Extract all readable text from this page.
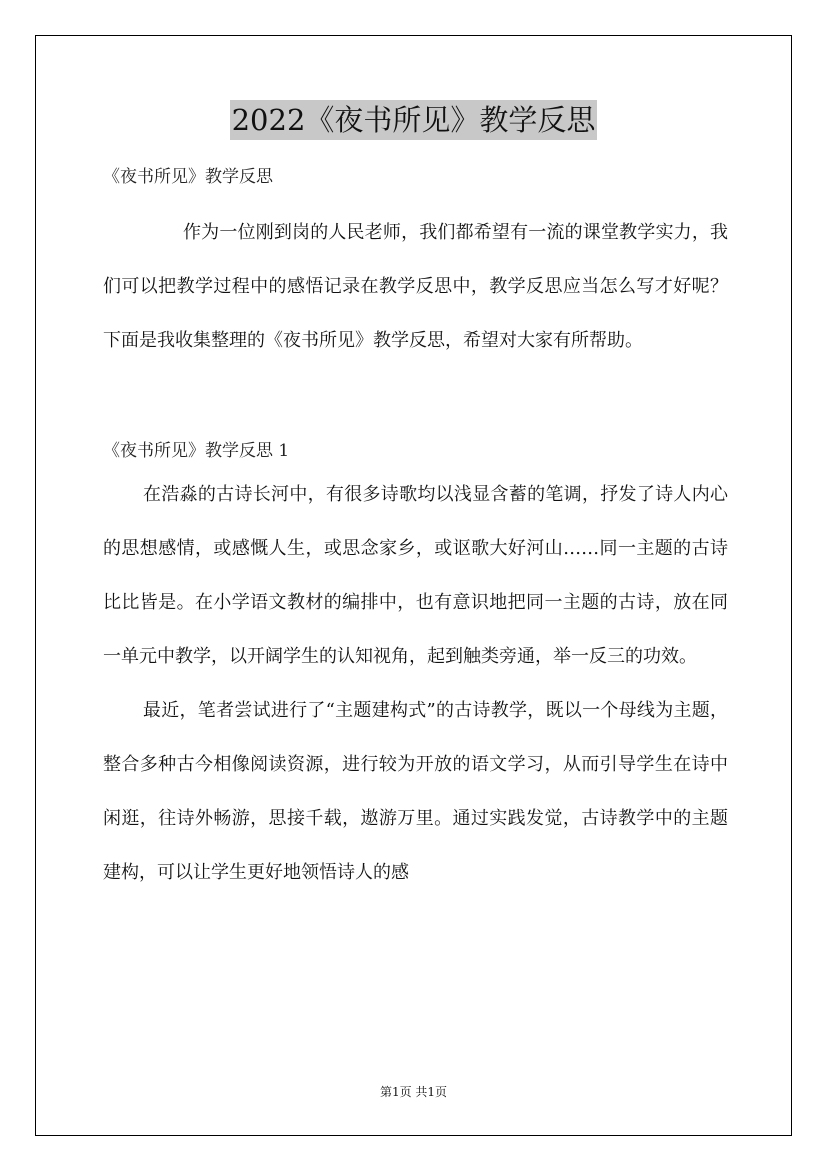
2022《夜书所见》教学反思

《夜书所见》教学反思

作为一位刚到岗的人民老师，我们都希望有一流的课堂教学实力，我们可以把教学过程中的感悟记录在教学反思中，教学反思应当怎么写才好呢？下面是我收集整理的《夜书所见》教学反思，希望对大家有所帮助。

《夜书所见》教学反思 1

在浩淼的古诗长河中，有很多诗歌均以浅显含蓄的笔调，抒发了诗人内心的思想感情，或感慨人生，或思念家乡，或讴歌大好河山……同一主题的古诗比比皆是。在小学语文教材的编排中，也有意识地把同一主题的古诗，放在同一单元中教学，以开阔学生的认知视角，起到触类旁通，举一反三的功效。

最近，笔者尝试进行了“主题建构式”的古诗教学，既以一个母线为主题，整合多种古今相像阅读资源，进行较为开放的语文学习，从而引导学生在诗中闲逛，往诗外畅游，思接千载，遨游万里。通过实践发觉，古诗教学中的主题建构，可以让学生更好地领悟诗人的感

第1页 共1页
